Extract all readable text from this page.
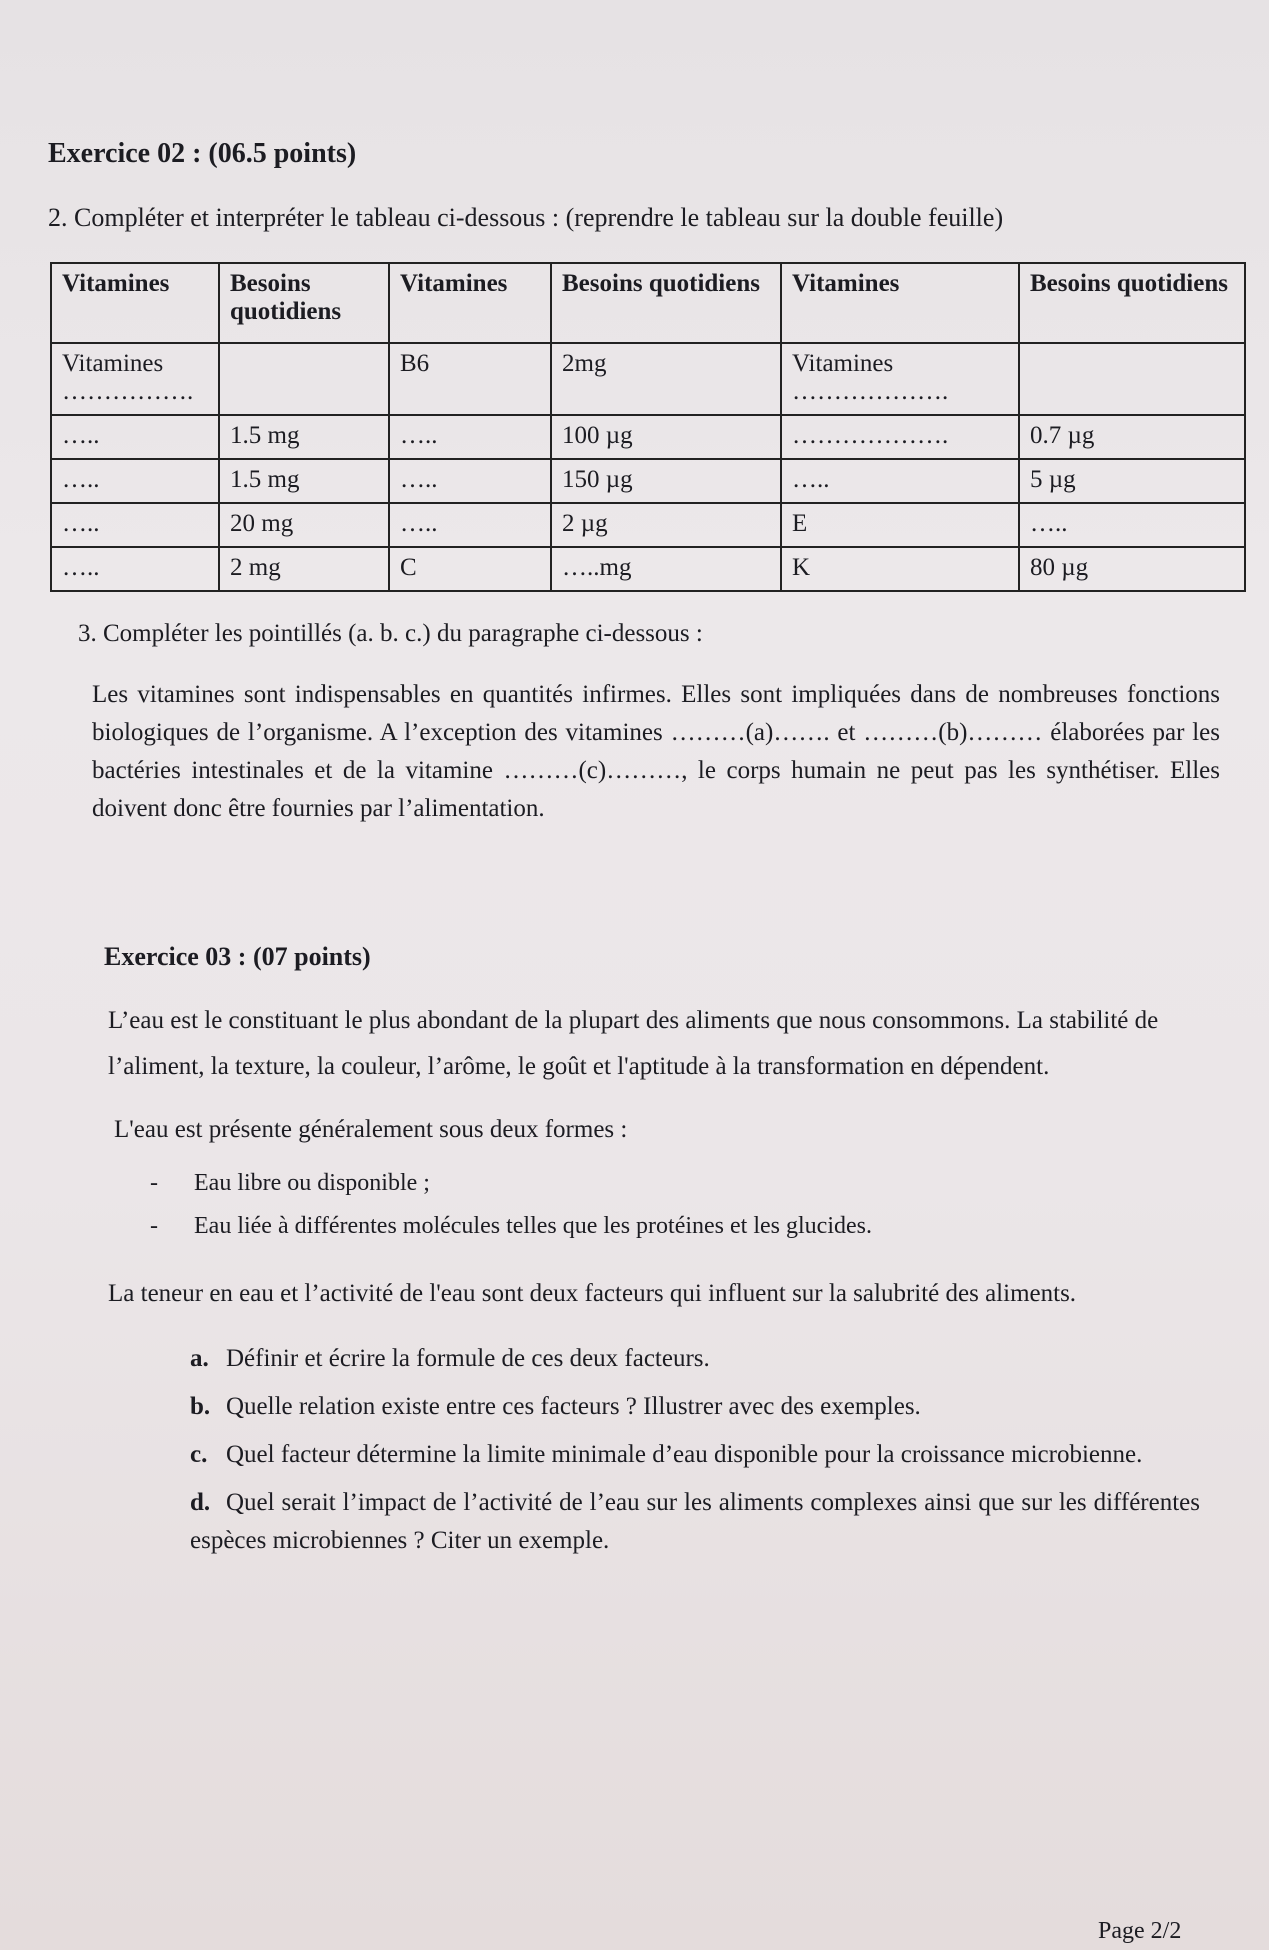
Exercice 02 : (06.5 points)
2. Compléter et interpréter le tableau ci-dessous : (reprendre le tableau sur la double feuille)
Vitamines	Besoins quotidiens	Vitamines	Besoins quotidiens	Vitamines	Besoins quotidiens
Vitamines …………….		B6	2mg	Vitamines ……………….	
…..	1.5 mg	…..	100 µg	……………….	0.7 µg
…..	1.5 mg	…..	150 µg	…..	5 µg
…..	20 mg	…..	2 µg	E	…..
…..	2 mg	C	…..mg	K	80 µg
3. Compléter les pointillés (a. b. c.) du paragraphe ci-dessous :
Les vitamines sont indispensables en quantités infirmes. Elles sont impliquées dans de nombreuses fonctions biologiques de l’organisme. A l’exception des vitamines ………(a)……. et ………(b)……… élaborées par les bactéries intestinales et de la vitamine ………(c)………, le corps humain ne peut pas les synthétiser. Elles doivent donc être fournies par l’alimentation.
Exercice 03 : (07 points)
L’eau est le constituant le plus abondant de la plupart des aliments que nous consommons. La stabilité de l’aliment, la texture, la couleur, l’arôme, le goût et l'aptitude à la transformation en dépendent.
L'eau est présente généralement sous deux formes :
- Eau libre ou disponible ;
- Eau liée à différentes molécules telles que les protéines et les glucides.
La teneur en eau et l’activité de l'eau sont deux facteurs qui influent sur la salubrité des aliments.
a. Définir et écrire la formule de ces deux facteurs.
b. Quelle relation existe entre ces facteurs ? Illustrer avec des exemples.
c. Quel facteur détermine la limite minimale d’eau disponible pour la croissance microbienne.
d. Quel serait l’impact de l’activité de l’eau sur les aliments complexes ainsi que sur les différentes espèces microbiennes ? Citer un exemple.
Page 2/2
